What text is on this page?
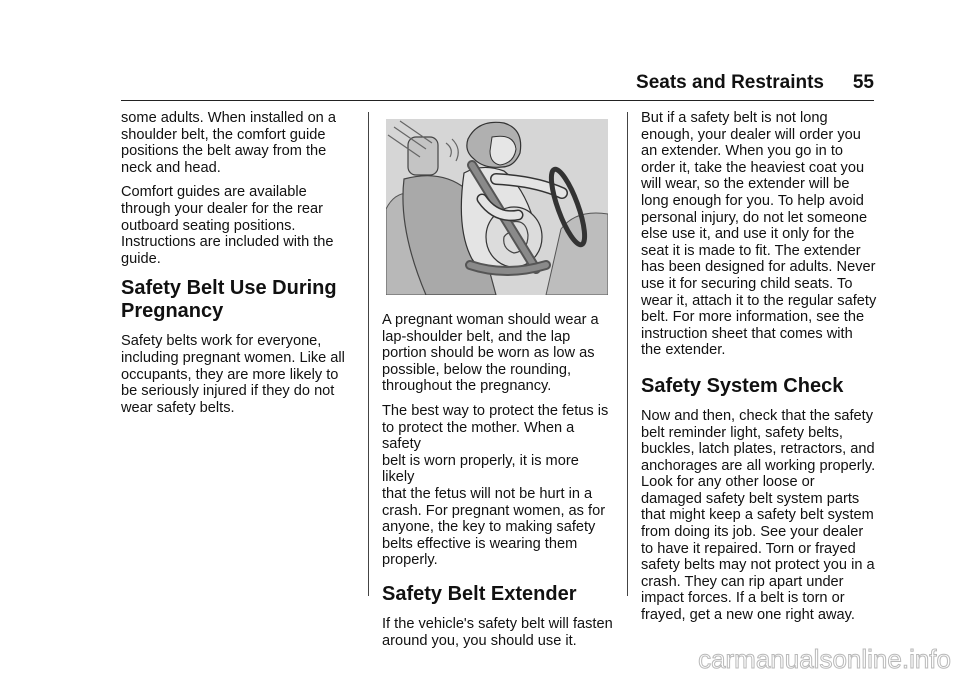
Seats and Restraints 55

some adults. When installed on a
shoulder belt, the comfort guide
positions the belt away from the
neck and head.

Comfort guides are available
through your dealer for the rear
outboard seating positions.
Instructions are included with the
guide.

Safety Belt Use During
Pregnancy

Safety belts work for everyone,
including pregnant women. Like all
occupants, they are more likely to
be seriously injured if they do not
wear safety belts.

A pregnant woman should wear a
lap-shoulder belt, and the lap
portion should be worn as low as
possible, below the rounding,
throughout the pregnancy.

The best way to protect the fetus is
to protect the mother. When a safety
belt is worn properly, it is more likely
that the fetus will not be hurt in a
crash. For pregnant women, as for
anyone, the key to making safety
belts effective is wearing them
properly.

Safety Belt Extender

If the vehicle's safety belt will fasten
around you, you should use it.

But if a safety belt is not long
enough, your dealer will order you
an extender. When you go in to
order it, take the heaviest coat you
will wear, so the extender will be
long enough for you. To help avoid
personal injury, do not let someone
else use it, and use it only for the
seat it is made to fit. The extender
has been designed for adults. Never
use it for securing child seats. To
wear it, attach it to the regular safety
belt. For more information, see the
instruction sheet that comes with
the extender.

Safety System Check

Now and then, check that the safety
belt reminder light, safety belts,
buckles, latch plates, retractors, and
anchorages are all working properly.
Look for any other loose or
damaged safety belt system parts
that might keep a safety belt system
from doing its job. See your dealer
to have it repaired. Torn or frayed
safety belts may not protect you in a
crash. They can rip apart under
impact forces. If a belt is torn or
frayed, get a new one right away.

carmanualsonline.info
